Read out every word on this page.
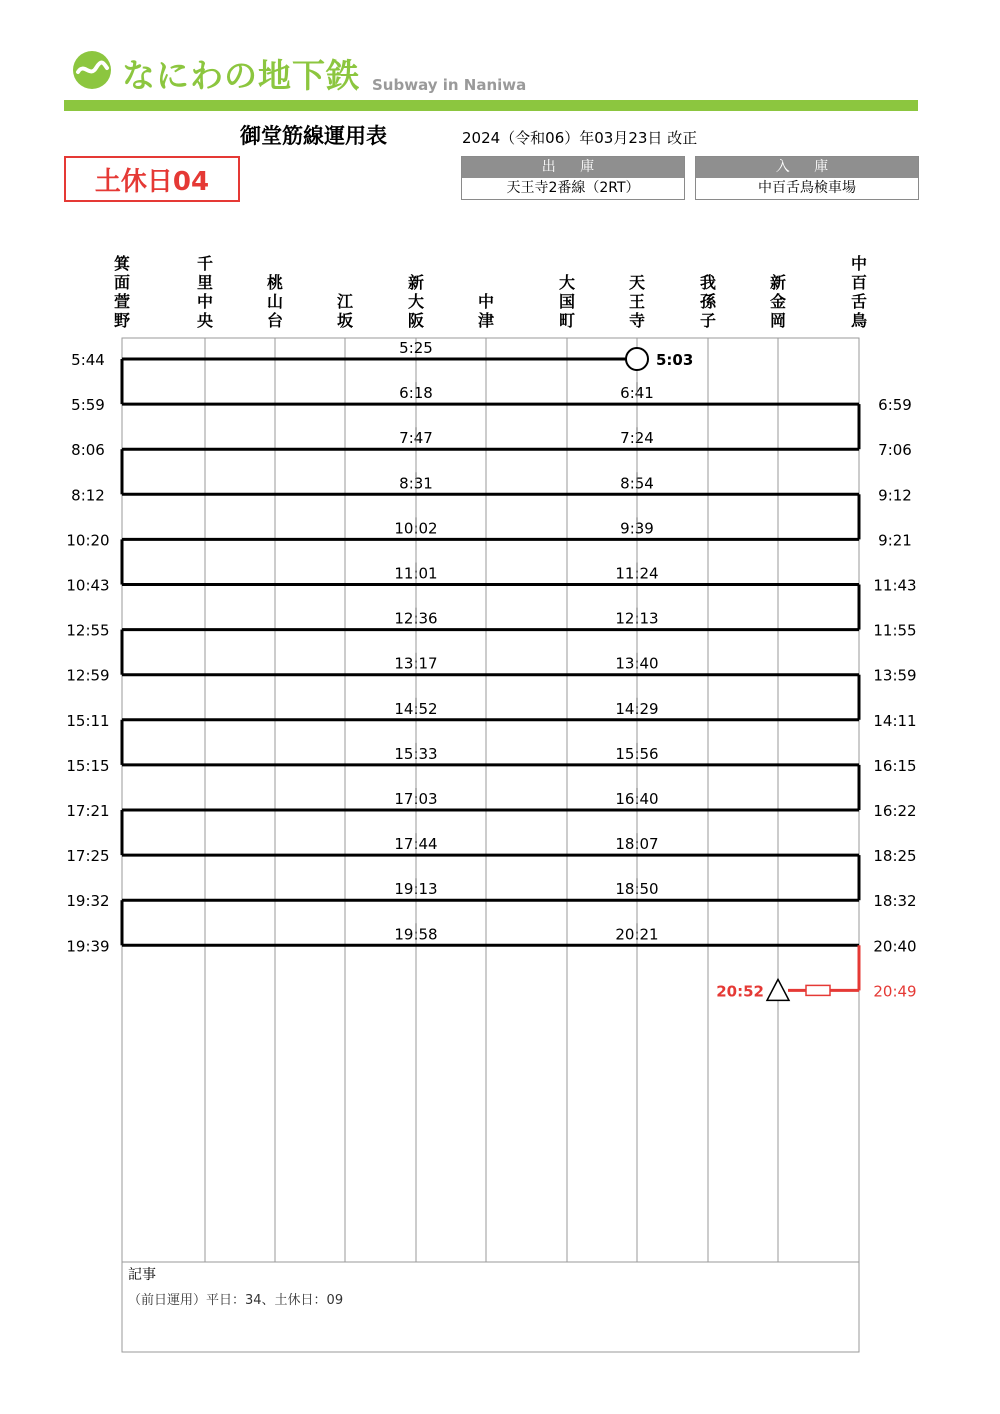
なにわの地下鉄 Subway in Naniwa
御堂筋線運用表	2024（令和06）年03月23日 改正
土休日04	出 庫
天王寺2番線（2RT）
入 庫
中百舌鳥検車場
箕
面
萱
野
千
里
中
央
桃
山
台
江
坂
新
大
阪
中
津
大
国
町
天
王
寺
我
孫
子
新
金
岡
中
百
舌
鳥
5:03
5:25
5:44
6:18	6:41
5:59	6:59
7:47	7:24
8:06	7:06
8:31	8:54
8:12	9:12
10:02	9:39
10:20	9:21
11:01	11:24
10:43	11:43
12:36	12:13
12:55	11:55
13:17	13:40
12:59	13:59
14:52	14:29
15:11	14:11
15:33	15:56
15:15	16:15
17:03	16:40
17:21	16:22
17:44	18:07
17:25	18:25
19:13	18:50
19:32	18:32
19:58	20:21
19:39	20:40
20:49
20:52
記事
（前日運用）平日：34、土休日：09
